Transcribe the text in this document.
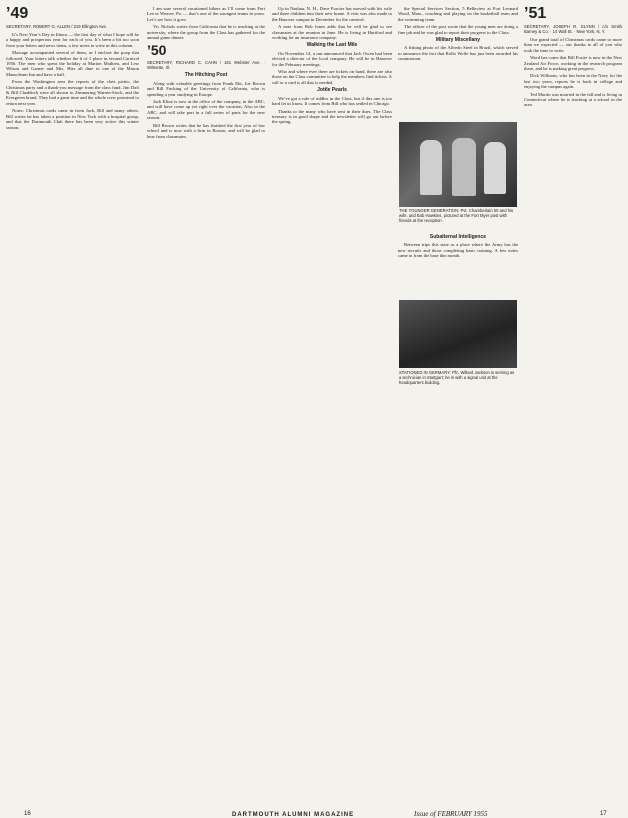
’49
SECRETARY, ROBERT G. ALLEN / 219 Ellington Ave.

It’s New Year’s Day in Ithaca — the first day of what I hope will be a happy and prosperous year for each of you. It’s been a bit too soon from your letters and news items, a few notes to write in this column.

Massage accompanied several of them, as I enclose the poop that followed. Your letters talk whether the # of 1 place in second Carnival 1956. The men who spent the holiday at Marion Mathieu, and Lew Wilson and Garner and Mrs. Hier all dine to one of the Mason Mausoleum Inn and have a ball.

From the Washington area the reports of the class picnic, the Christmas party and a thank-you message from the class fund. Jim Daft & Bill Chaddock were all shown to Zimmering Warren-Stock, and the Evergreen brand. They had a great time and the whole crew promised to return next year.

Notes: Christmas cards came in from Jack, Bill and many others. Bill writes he has taken a position in New York with a hospital group, and that the Dartmouth Club there has been very active this winter season.

I am sure several vacationed hikers as I’ll come from Fort Lee or Weaver, Pa. — that’s one of the strongest teams in years. Let’s see how it goes.

Vic Nichols writes from California that he is teaching at the university, where the group from the Class has gathered for the annual game dinner.

’50
SECRETARY, RICHARD C. CAHN / 161 Webster Ave. · Wilmette, Ill.
The Hitching Post

Along with valuable greetings from Frank Ebi, Joe Brown and Bill Fucking of the University of California, who is spending a year studying in Europe.

Jack Kline is now at the office of the company, in the ABC, and will have come up yet right over the vacation. Also in the ABC, and will take part in a full series of parts for the new season.

Bill Brown writes that he has finished the first year of law school and is now with a firm in Boston, and will be glad to hear from classmates.

Up in Nashua, N. H., Dave Forcier has moved with his wife and three children into their new home. A visit was also made to the Hanover campus in December for the carnival.

A note from Bob Jones adds that he will be glad to see classmates at the reunion in June. He is living in Hartford and working for an insurance company.

Walking the Last Mile

On November 14, a run announced that Jack Owen had been elected a director of the local company. He will be in Hanover for the February meetings.

Who and where ever there are tickets on hand, there are also those on the Class committee to help the members find tickets. A call or a card is all that is needed.

Jottle Pearls

We’ve got a rule of riddles in the Class, but if this one is too hard let us know. It comes from Bill who has settled in Chicago.

Thanks to the many who have sent in their dues. The Class treasury is in good shape and the newsletter will go out before the spring.

the Special Services Section, 5 Belleview at Fort Leonard Wood, Mass., coaching and playing on the basketball team and the swimming team.

The officer of the post wrote that the young men are doing a fine job and he was glad to report their progress to the Class.

Military Miscellany

A fishing photo of the Alfredo Steel in Brazil, which served to announce the fact that Rollo Wolfe has just been awarded his commission.

THE YOUNGER GENERATION: Pvt. Chamberlain 50 and his wife, and Bob Hawkins, pictured at the Fort Myer post with friends at the reception.
Subalternal Intelligence

Between trips this state as a place where the Army has the new recruits and those completing basic training. A few notes came in from the base this month.

STATIONED IN GERMANY: Pfc. Willard Jackson is serving as a technician in Stuttgart; he is with a signal unit at the headquarters building.
’51
SECRETARY, JOSEPH R. GLYNN / c/o Smith Barney & Co. · 14 Wall St. · New York, N. Y.

Our grand total of Christmas cards came to more than we expected — our thanks to all of you who took the time to write.

Word has come that Bill Foster is now in the New Zealand Air Force, working in the research program there, and he is making great progress.

Dick Williams, who has been in the Navy for the last two years, reports he is back in college and enjoying the campus again.

Ted Martin was married in the fall and is living in Connecticut where he is teaching at a school in the area.

16	DARTMOUTH ALUMNI MAGAZINE	Issue of FEBRUARY 1955	17
